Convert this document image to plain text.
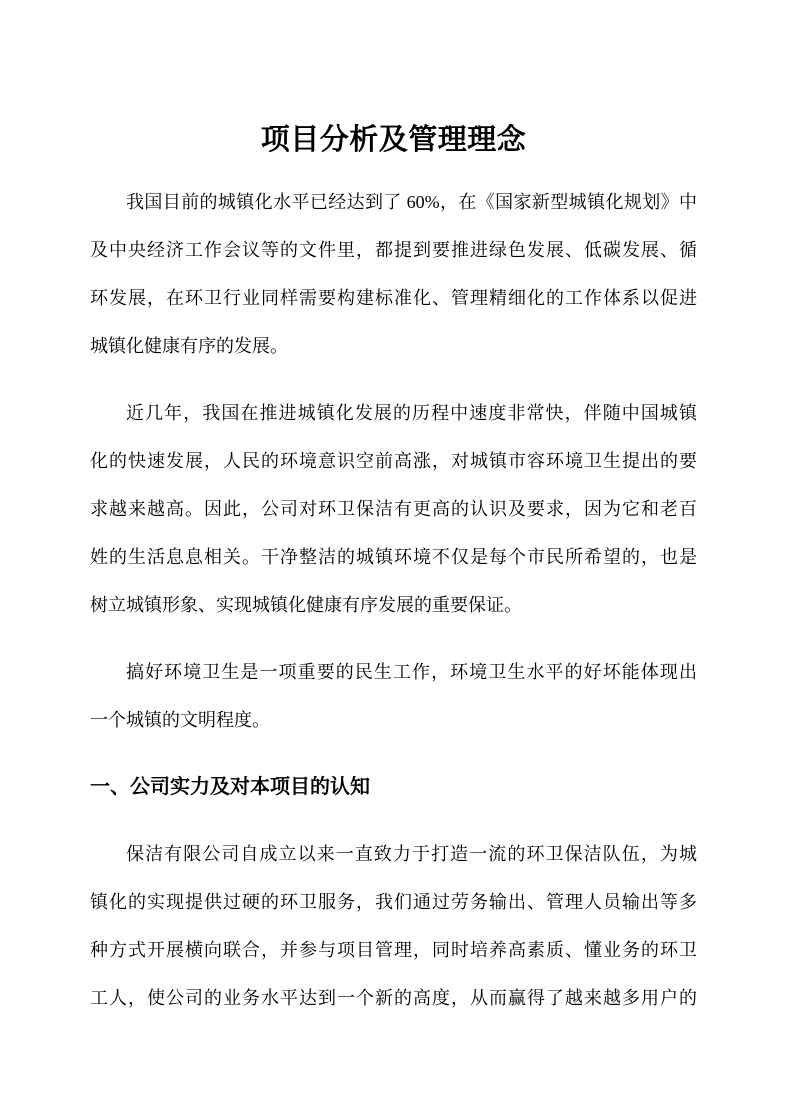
项目分析及管理理念

我国目前的城镇化水平已经达到了 60%，在《国家新型城镇化规划》中
及中央经济工作会议等的文件里，都提到要推进绿色发展、低碳发展、循
环发展，在环卫行业同样需要构建标准化、管理精细化的工作体系以促进
城镇化健康有序的发展。

近几年，我国在推进城镇化发展的历程中速度非常快，伴随中国城镇
化的快速发展，人民的环境意识空前高涨，对城镇市容环境卫生提出的要
求越来越高。因此，公司对环卫保洁有更高的认识及要求，因为它和老百
姓的生活息息相关。干净整洁的城镇环境不仅是每个市民所希望的，也是
树立城镇形象、实现城镇化健康有序发展的重要保证。

搞好环境卫生是一项重要的民生工作，环境卫生水平的好坏能体现出
一个城镇的文明程度。

一、公司实力及对本项目的认知

保洁有限公司自成立以来一直致力于打造一流的环卫保洁队伍，为城
镇化的实现提供过硬的环卫服务，我们通过劳务输出、管理人员输出等多
种方式开展横向联合，并参与项目管理，同时培养高素质、懂业务的环卫
工人，使公司的业务水平达到一个新的高度，从而赢得了越来越多用户的
